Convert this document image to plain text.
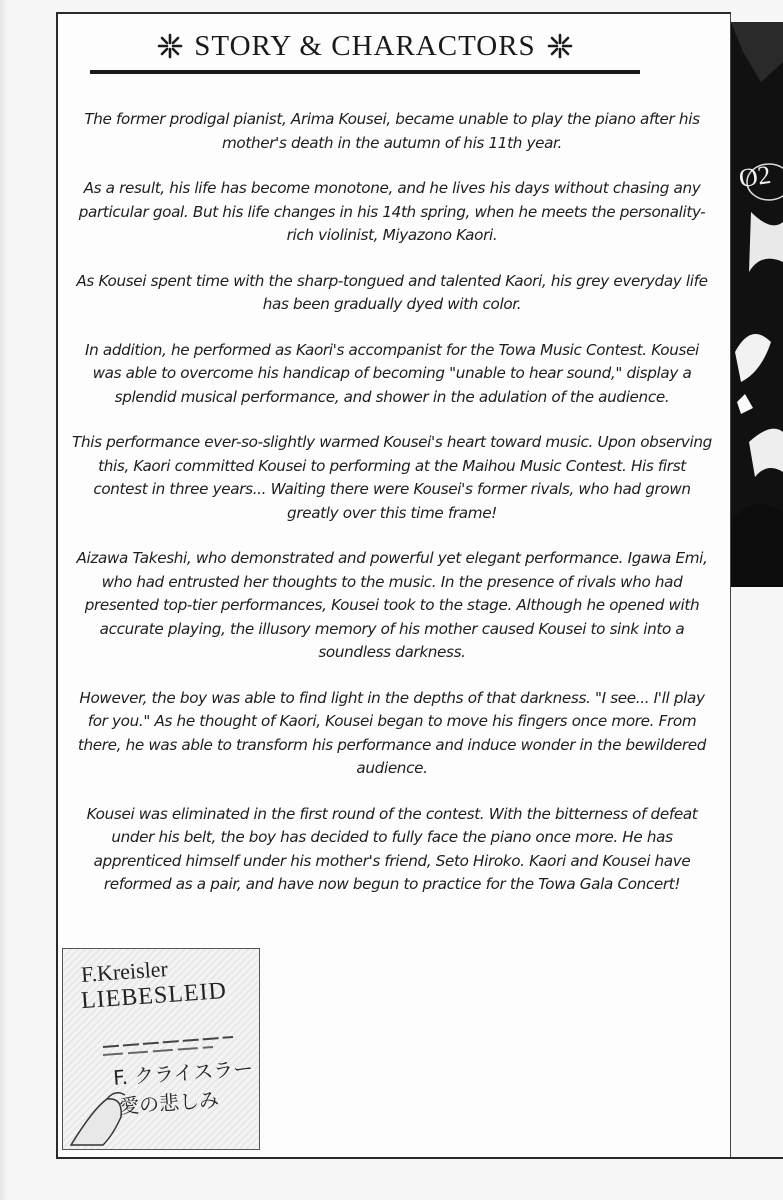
STORY & CHARACTORS

The former prodigal pianist, Arima Kousei, became unable to play the piano after his mother's death in the autumn of his 11th year.

As a result, his life has become monotone, and he lives his days without chasing any particular goal. But his life changes in his 14th spring, when he meets the personality-rich violinist, Miyazono Kaori.

As Kousei spent time with the sharp-tongued and talented Kaori, his grey everyday life has been gradually dyed with color.

In addition, he performed as Kaori's accompanist for the Towa Music Contest. Kousei was able to overcome his handicap of becoming "unable to hear sound," display a splendid musical performance, and shower in the adulation of the audience.

This performance ever-so-slightly warmed Kousei's heart toward music. Upon observing this, Kaori committed Kousei to performing at the Maihou Music Contest. His first contest in three years... Waiting there were Kousei's former rivals, who had grown greatly over this time frame!

Aizawa Takeshi, who demonstrated and powerful yet elegant performance. Igawa Emi, who had entrusted her thoughts to the music. In the presence of rivals who had presented top-tier performances, Kousei took to the stage. Although he opened with accurate playing, the illusory memory of his mother caused Kousei to sink into a soundless darkness.

However, the boy was able to find light in the depths of that darkness. "I see... I'll play for you." As he thought of Kaori, Kousei began to move his fingers once more. From there, he was able to transform his performance and induce wonder in the bewildered audience.

Kousei was eliminated in the first round of the contest. With the bitterness of defeat under his belt, the boy has decided to fully face the piano once more. He has apprenticed himself under his mother's friend, Seto Hiroko. Kaori and Kousei have reformed as a pair, and have now begun to practice for the Towa Gala Concert!

O2
F.Kreisler
LIEBESLEID
F. クライスラー
愛の悲しみ
